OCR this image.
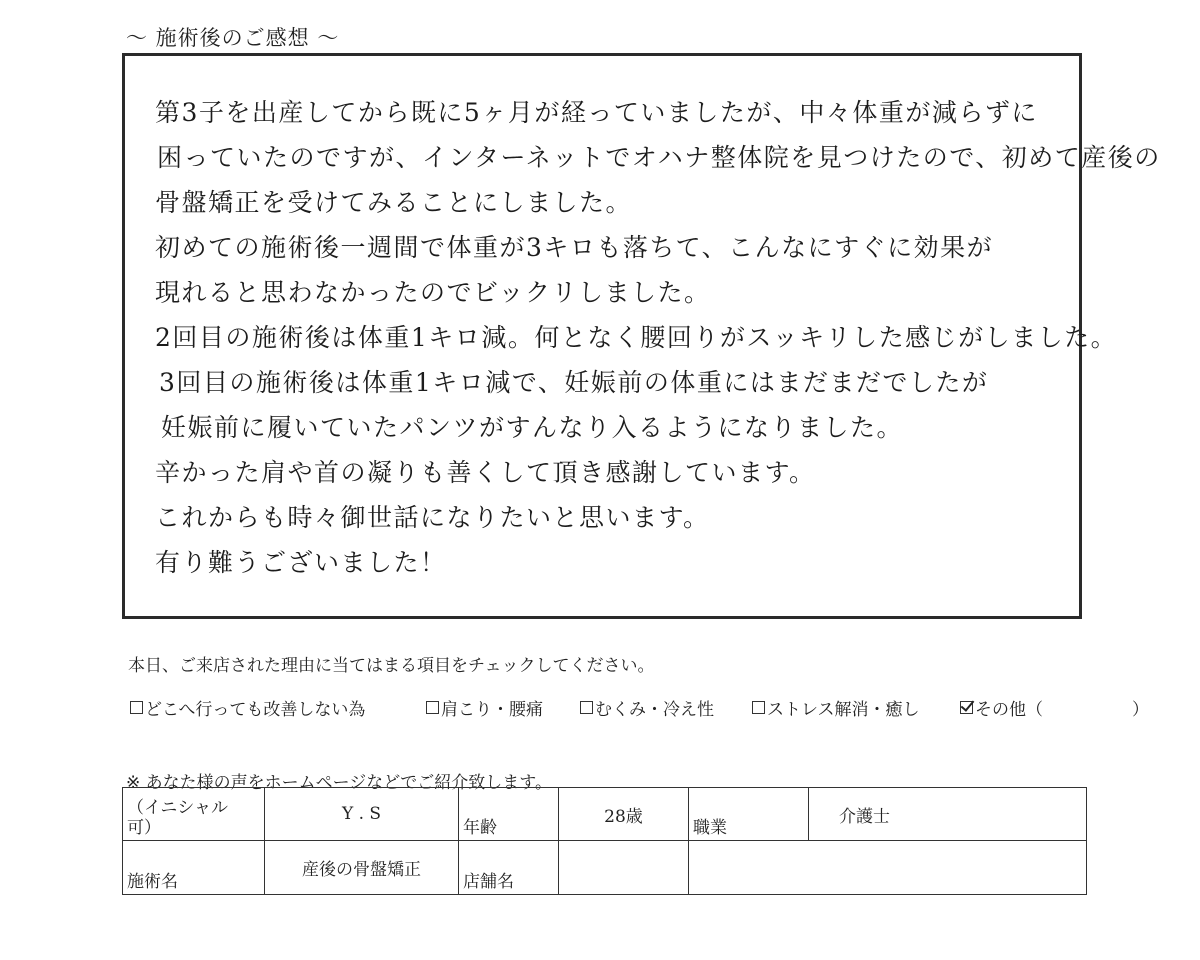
～ 施術後のご感想 ～
第3子を出産してから既に5ヶ月が経っていましたが、中々体重が減らずに
困っていたのですが、インターネットでオハナ整体院を見つけたので、初めて産後の
骨盤矯正を受けてみることにしました。
初めての施術後一週間で体重が3キロも落ちて、こんなにすぐに効果が
現れると思わなかったのでビックリしました。
2回目の施術後は体重1キロ減。何となく腰回りがスッキリした感じがしました。
3回目の施術後は体重1キロ減で、妊娠前の体重にはまだまだでしたが
妊娠前に履いていたパンツがすんなり入るようになりました。
辛かった肩や首の凝りも善くして頂き感謝しています。
これからも時々御世話になりたいと思います。
有り難うございました！
本日、ご来店された理由に当てはまる項目をチェックしてください。
どこへ行っても改善しない為	肩こり・腰痛	むくみ・冷え性	ストレス解消・癒し	その他（	）
※ あなた様の声をホームページなどでご紹介致します。
（イニシャル
可）	Y . S	年齢	28歳	職業	介護士
施術名	産後の骨盤矯正	店舗名			
